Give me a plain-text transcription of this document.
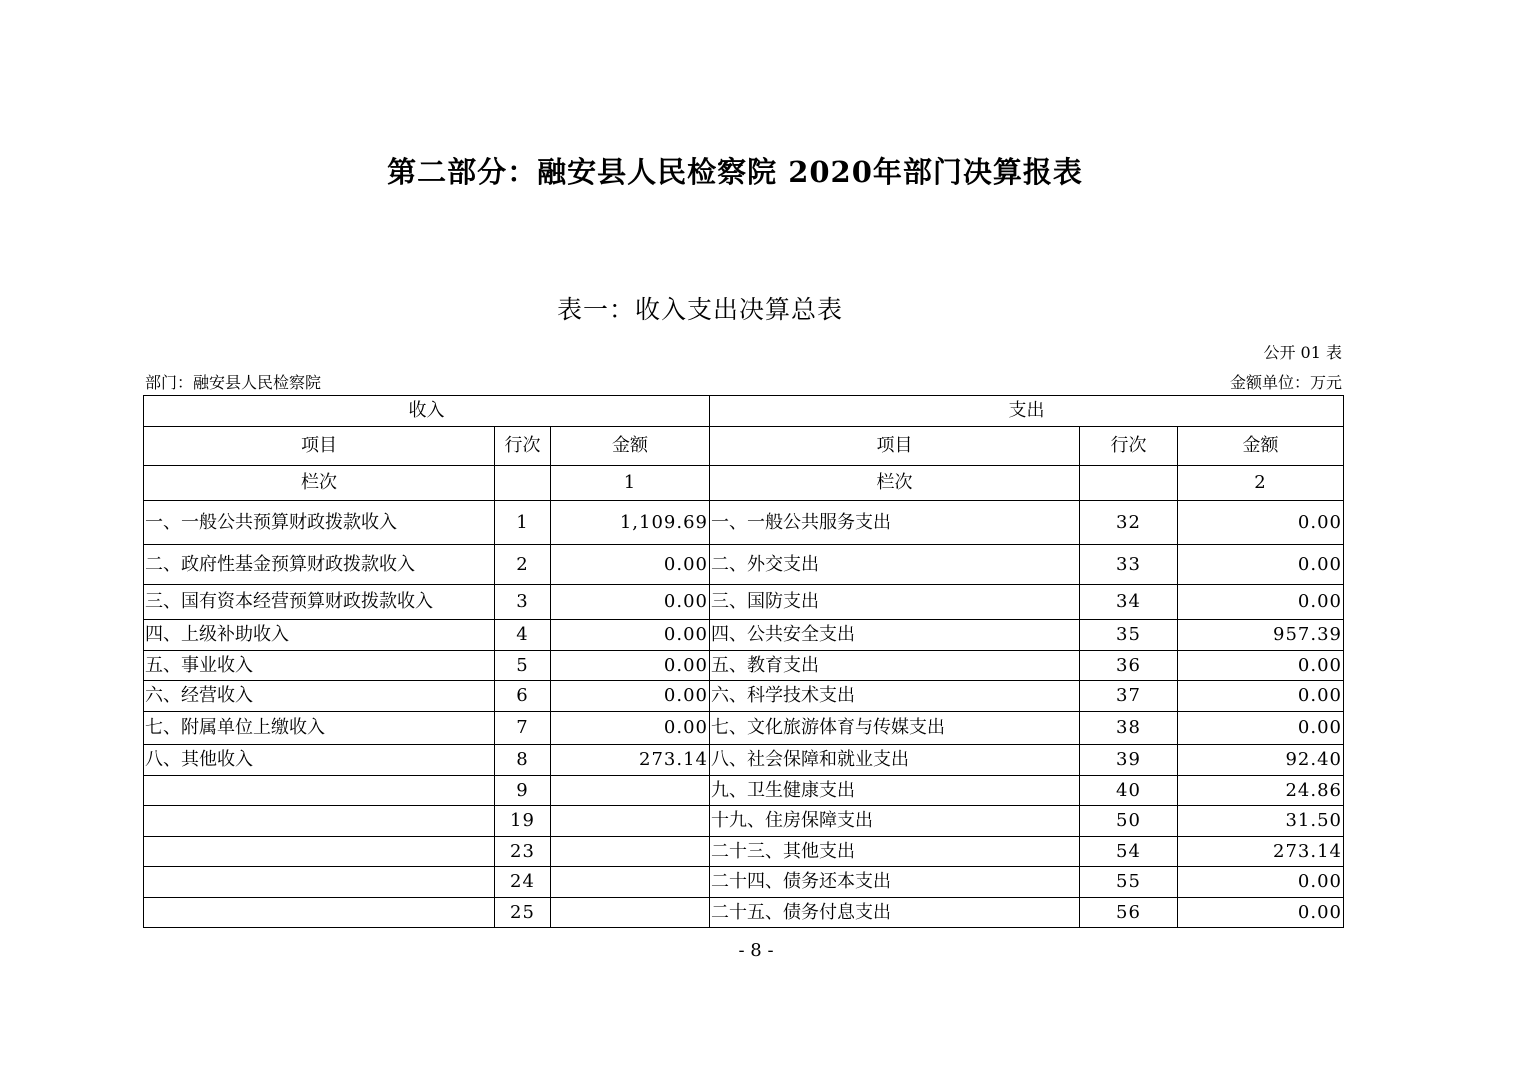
第二部分：融安县人民检察院 2020年部门决算报表
表一：收入支出决算总表
公开 01 表
部门：融安县人民检察院	金额单位：万元
收入			支出		
项目	行次	金额	项目	行次	金额
栏次		1	栏次		2
一、一般公共预算财政拨款收入	1	1,109.69	一、一般公共服务支出	32	0.00
二、政府性基金预算财政拨款收入	2	0.00	二、外交支出	33	0.00
三、国有资本经营预算财政拨款收入	3	0.00	三、国防支出	34	0.00
四、上级补助收入	4	0.00	四、公共安全支出	35	957.39
五、事业收入	5	0.00	五、教育支出	36	0.00
六、经营收入	6	0.00	六、科学技术支出	37	0.00
七、附属单位上缴收入	7	0.00	七、文化旅游体育与传媒支出	38	0.00
八、其他收入	8	273.14	八、社会保障和就业支出	39	92.40
	9		九、卫生健康支出	40	24.86
	19		十九、住房保障支出	50	31.50
	23		二十三、其他支出	54	273.14
	24		二十四、债务还本支出	55	0.00
	25		二十五、债务付息支出	56	0.00
- 8 -
